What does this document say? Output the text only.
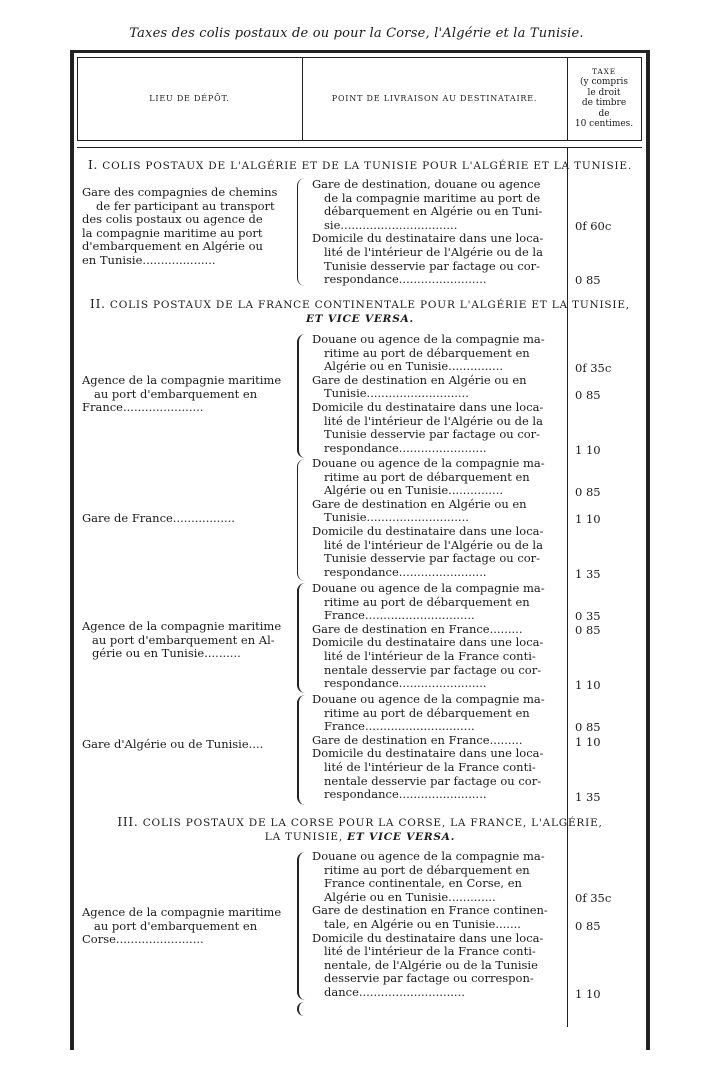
Taxes des colis postaux de ou pour la Corse, l'Algérie et la Tunisie.
LIEU DE DÉPÔT.	POINT DE LIVRAISON AU DESTINATAIRE.
TAXE
(y compris
le droit
de timbre
de
10 centimes.
I. COLIS POSTAUX DE L'ALGÉRIE ET DE LA TUNISIE POUR L'ALGÉRIE ET LA TUNISIE.

Gare des compagnies de chemins

de fer participant au transport

des colis postaux ou agence de

la compagnie maritime au port

d'embarquement en Algérie ou

en Tunisie....................

Gare de destination, douane ou agence

de la compagnie maritime au port de

débarquement en Algérie ou en Tuni-

sie................................

Domicile du destinataire dans une loca-

lité de l'intérieur de l'Algérie ou de la

Tunisie desservie par factage ou cor-

respondance........................

0f 60c
0 85
II. COLIS POSTAUX DE LA FRANCE CONTINENTALE POUR L'ALGÉRIE ET LA TUNISIE,
ET VICE VERSA.

Agence de la compagnie maritime

au port d'embarquement en

France......................

Douane ou agence de la compagnie ma-

ritime au port de débarquement en

Algérie ou en Tunisie...............

Gare de destination en Algérie ou en

Tunisie............................

Domicile du destinataire dans une loca-

lité de l'intérieur de l'Algérie ou de la

Tunisie desservie par factage ou cor-

respondance........................

0f 35c
0 85
1 10

Gare de France.................

Douane ou agence de la compagnie ma-

ritime au port de débarquement en

Algérie ou en Tunisie...............

Gare de destination en Algérie ou en

Tunisie............................

Domicile du destinataire dans une loca-

lité de l'intérieur de l'Algérie ou de la

Tunisie desservie par factage ou cor-

respondance........................

0 85
1 10
1 35

Agence de la compagnie maritime

au port d'embarquement en Al-

gérie ou en Tunisie..........

Douane ou agence de la compagnie ma-

ritime au port de débarquement en

France..............................

Gare de destination en France.........

Domicile du destinataire dans une loca-

lité de l'intérieur de la France conti-

nentale desservie par factage ou cor-

respondance........................

0 35
0 85
1 10

Gare d'Algérie ou de Tunisie....

Douane ou agence de la compagnie ma-

ritime au port de débarquement en

France..............................

Gare de destination en France.........

Domicile du destinataire dans une loca-

lité de l'intérieur de la France conti-

nentale desservie par factage ou cor-

respondance........................

0 85
1 10
1 35
III. COLIS POSTAUX DE LA CORSE POUR LA CORSE, LA FRANCE, L'ALGÉRIE,
LA TUNISIE, ET VICE VERSA.

Agence de la compagnie maritime

au port d'embarquement en

Corse........................

Douane ou agence de la compagnie ma-

ritime au port de débarquement en

France continentale, en Corse, en

Algérie ou en Tunisie.............

Gare de destination en France continen-

tale, en Algérie ou en Tunisie.......

Domicile du destinataire dans une loca-

lité de l'intérieur de la France conti-

nentale, de l'Algérie ou de la Tunisie

desservie par factage ou correspon-

dance.............................

0f 35c
0 85
1 10
